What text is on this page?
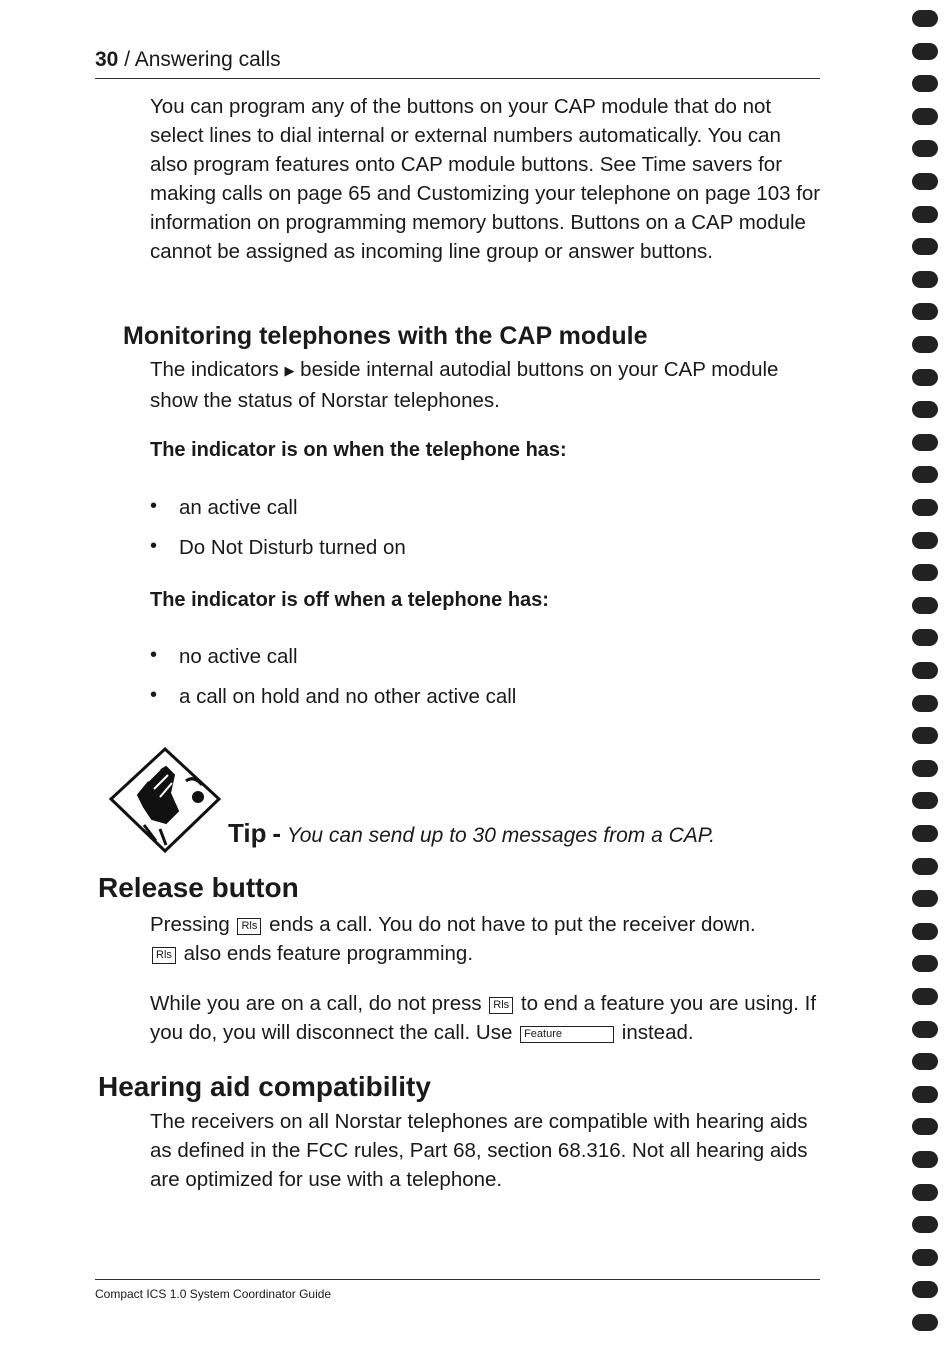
30 / Answering calls

You can program any of the buttons on your CAP module that do not select lines to dial internal or external numbers automatically. You can also program features onto CAP module buttons. See Time savers for making calls on page 65 and Customizing your telephone on page 103 for information on programming memory buttons. Buttons on a CAP module cannot be assigned as incoming line group or answer buttons.

Monitoring telephones with the CAP module

The indicators ▶ beside internal autodial buttons on your CAP module show the status of Norstar telephones.

The indicator is on when the telephone has:

• an active call
• Do Not Disturb turned on

The indicator is off when a telephone has:

• no active call
• a call on hold and no other active call
Tip - You can send up to 30 messages from a CAP.
Release button

Pressing Rls ends a call. You do not have to put the receiver down.
Rls also ends feature programming.

While you are on a call, do not press Rls to end a feature you are using. If you do, you will disconnect the call. Use Feature	instead.

Hearing aid compatibility

The receivers on all Norstar telephones are compatible with hearing aids as defined in the FCC rules, Part 68, section 68.316. Not all hearing aids are optimized for use with a telephone.

Compact ICS 1.0 System Coordinator Guide
